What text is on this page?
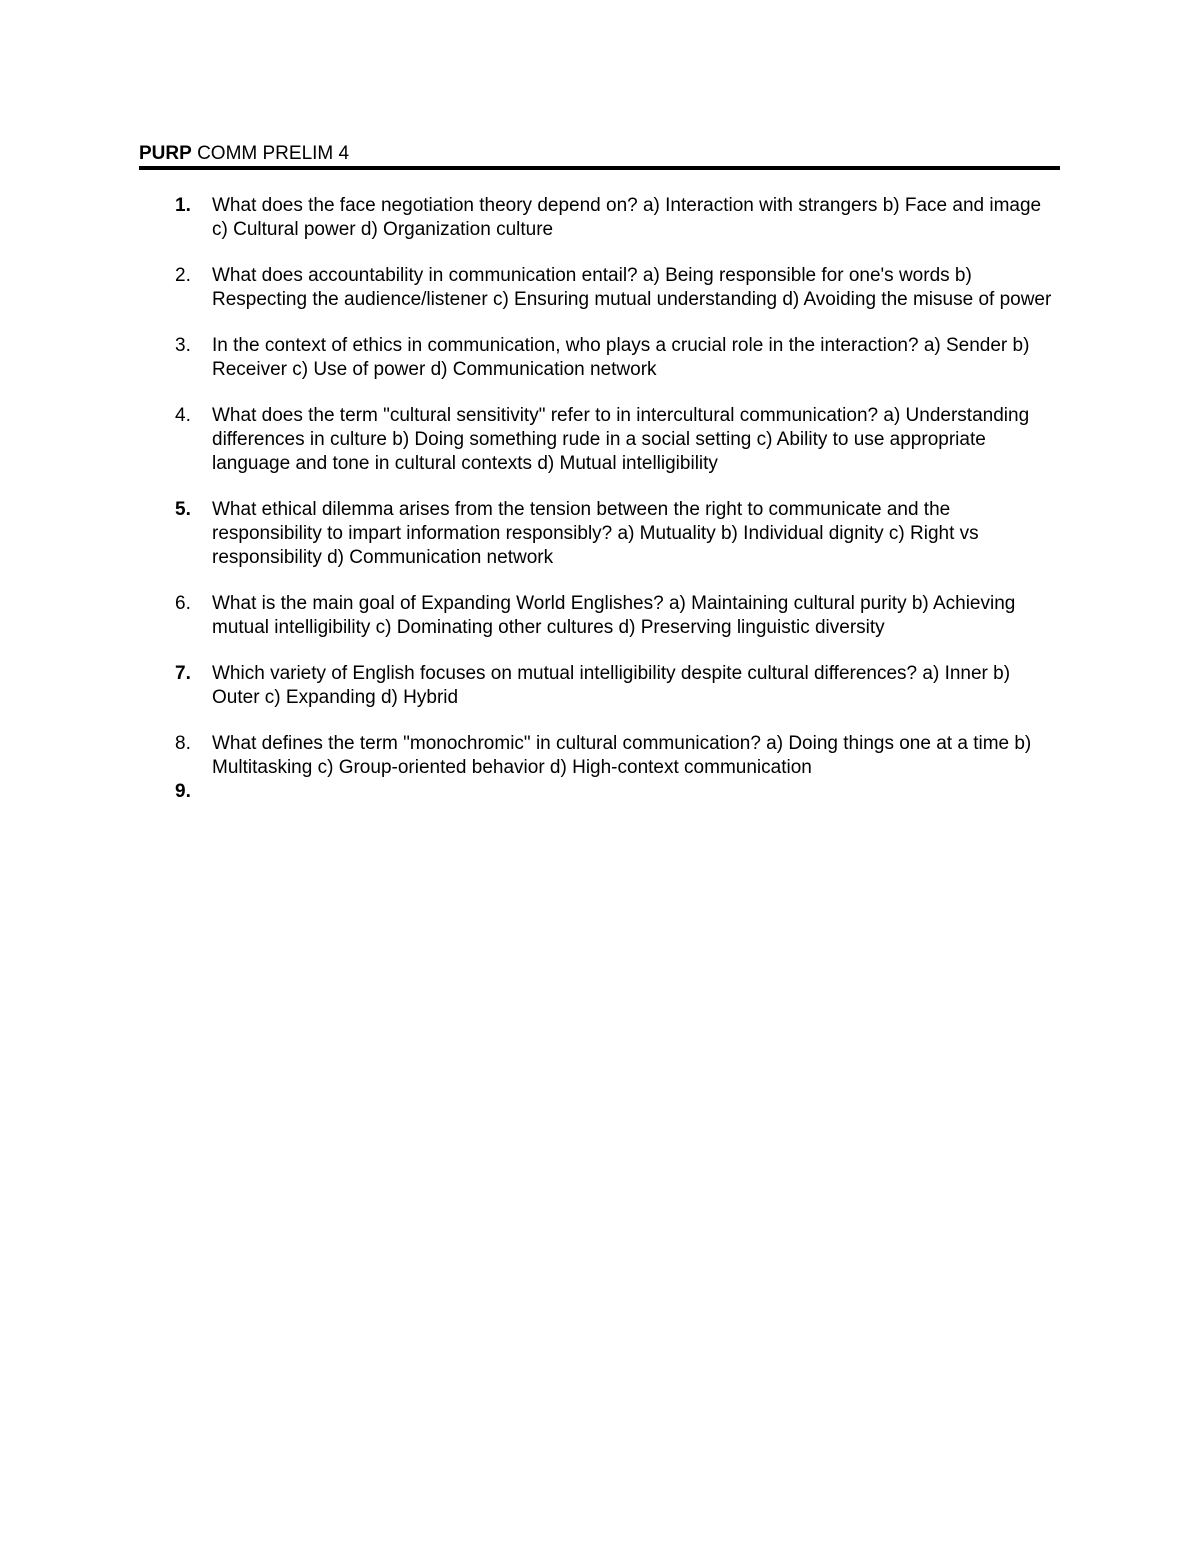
PURP COMM PRELIM 4
1. What does the face negotiation theory depend on? a) Interaction with strangers b) Face and image c) Cultural power d) Organization culture
2. What does accountability in communication entail? a) Being responsible for one's words b) Respecting the audience/listener c) Ensuring mutual understanding d) Avoiding the misuse of power
3. In the context of ethics in communication, who plays a crucial role in the interaction? a) Sender b) Receiver c) Use of power d) Communication network
4. What does the term "cultural sensitivity" refer to in intercultural communication? a) Understanding differences in culture b) Doing something rude in a social setting c) Ability to use appropriate language and tone in cultural contexts d) Mutual intelligibility
5. What ethical dilemma arises from the tension between the right to communicate and the responsibility to impart information responsibly? a) Mutuality b) Individual dignity c) Right vs responsibility d) Communication network
6. What is the main goal of Expanding World Englishes? a) Maintaining cultural purity b) Achieving mutual intelligibility c) Dominating other cultures d) Preserving linguistic diversity
7. Which variety of English focuses on mutual intelligibility despite cultural differences? a) Inner b) Outer c) Expanding d) Hybrid
8. What defines the term "monochromic" in cultural communication? a) Doing things one at a time b) Multitasking c) Group-oriented behavior d) High-context communication
9.
